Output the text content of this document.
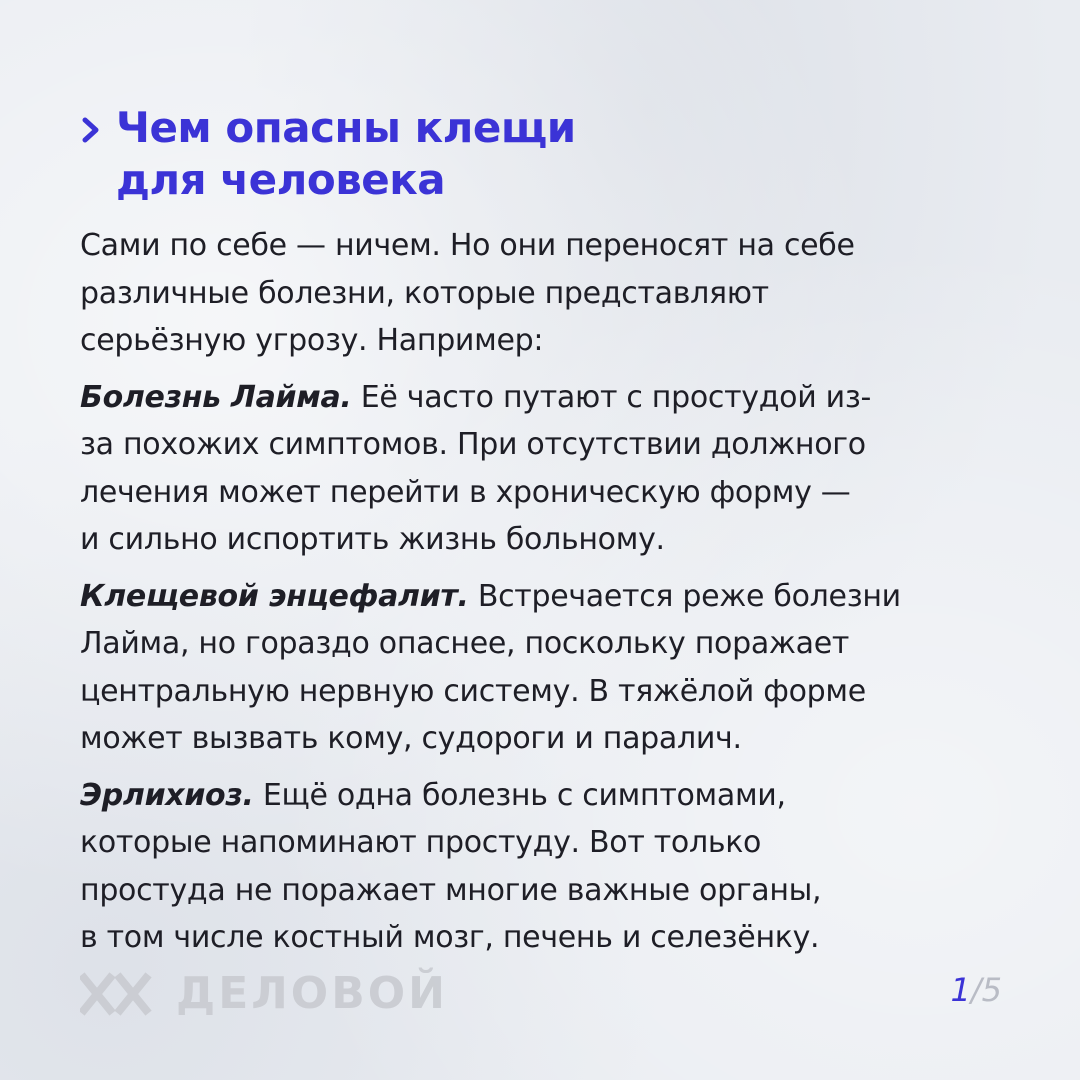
Чем опасны клещи
для человека

Сами по себе — ничем. Но они переносят на себе
различные болезни, которые представляют
серьёзную угрозу. Например:

Болезнь Лайма. Её часто путают с простудой из-
за похожих симптомов. При отсутствии должного
лечения может перейти в хроническую форму —
и сильно испортить жизнь больному.

Клещевой энцефалит. Встречается реже болезни
Лайма, но гораздо опаснее, поскольку поражает
центральную нервную систему. В тяжёлой форме
может вызвать кому, судороги и паралич.

Эрлихиоз. Ещё одна болезнь с симптомами,
которые напоминают простуду. Вот только
простуда не поражает многие важные органы,
в том числе костный мозг, печень и селезёнку.

ДЕЛОВОЙ	1/5
